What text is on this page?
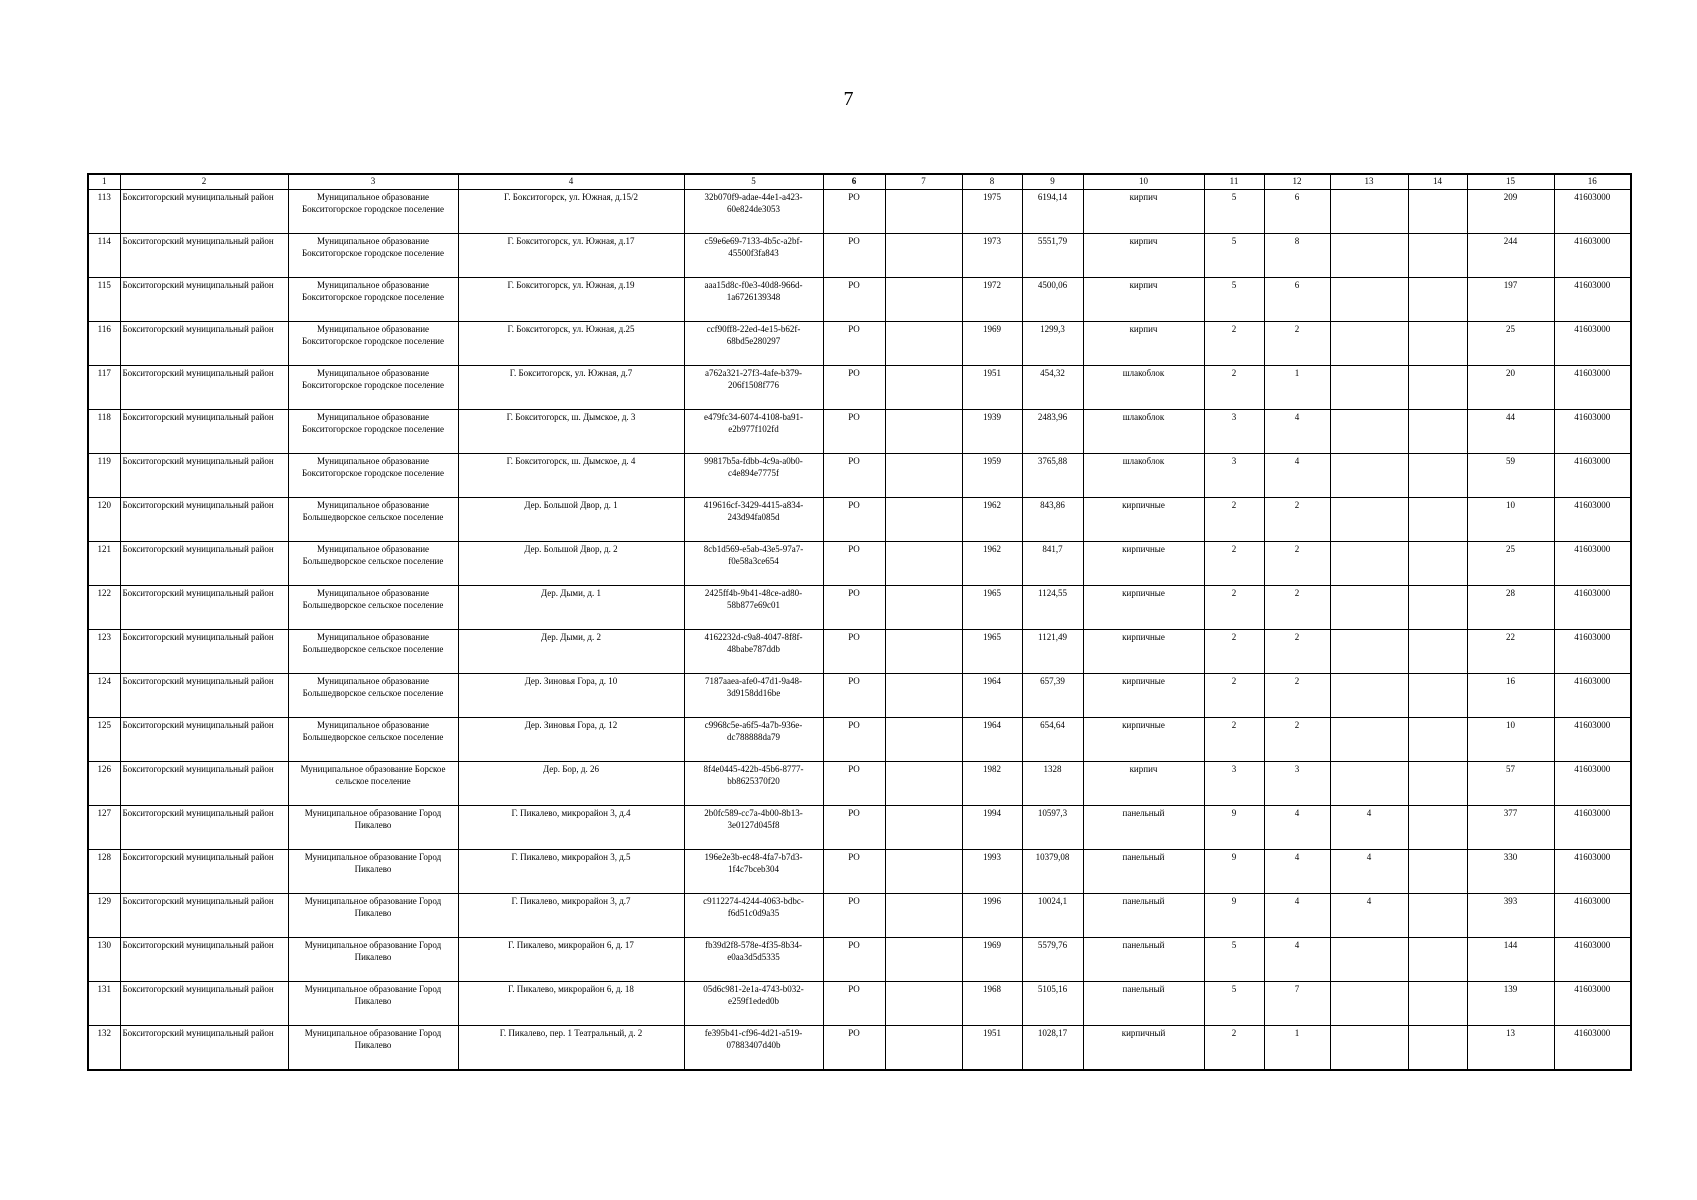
7
1	2	3	4	5	6	7	8	9	10	11	12	13	14	15	16
113	Бокситогорский муниципальный район	Муниципальное образование Бокситогорское городское поселение	Г. Бокситогорск, ул. Южная, д.15/2	32b070f9-adae-44e1-a423-60e824de3053	РО		1975	6194,14	кирпич	5	6			209	41603000
114	Бокситогорский муниципальный район	Муниципальное образование Бокситогорское городское поселение	Г. Бокситогорск, ул. Южная, д.17	c59e6e69-7133-4b5c-a2bf-45500f3fa843	РО		1973	5551,79	кирпич	5	8			244	41603000
115	Бокситогорский муниципальный район	Муниципальное образование Бокситогорское городское поселение	Г. Бокситогорск, ул. Южная, д.19	aaa15d8c-f0e3-40d8-966d-1a6726139348	РО		1972	4500,06	кирпич	5	6			197	41603000
116	Бокситогорский муниципальный район	Муниципальное образование Бокситогорское городское поселение	Г. Бокситогорск, ул. Южная, д.25	ccf90ff8-22ed-4e15-b62f-68bd5e280297	РО		1969	1299,3	кирпич	2	2			25	41603000
117	Бокситогорский муниципальный район	Муниципальное образование Бокситогорское городское поселение	Г. Бокситогорск, ул. Южная, д.7	a762a321-27f3-4afe-b379-206f1508f776	РО		1951	454,32	шлакоблок	2	1			20	41603000
118	Бокситогорский муниципальный район	Муниципальное образование Бокситогорское городское поселение	Г. Бокситогорск, ш. Дымское, д. 3	e479fc34-6074-4108-ba91-e2b977f102fd	РО		1939	2483,96	шлакоблок	3	4			44	41603000
119	Бокситогорский муниципальный район	Муниципальное образование Бокситогорское городское поселение	Г. Бокситогорск, ш. Дымское, д. 4	99817b5a-fdbb-4c9a-a0b0-c4e894e7775f	РО		1959	3765,88	шлакоблок	3	4			59	41603000
120	Бокситогорский муниципальный район	Муниципальное образование Большедворское сельское поселение	Дер. Большой Двор, д. 1	419616cf-3429-4415-a834-243d94fa085d	РО		1962	843,86	кирпичные	2	2			10	41603000
121	Бокситогорский муниципальный район	Муниципальное образование Большедворское сельское поселение	Дер. Большой Двор, д. 2	8cb1d569-e5ab-43e5-97a7-f0e58a3ce654	РО		1962	841,7	кирпичные	2	2			25	41603000
122	Бокситогорский муниципальный район	Муниципальное образование Большедворское сельское поселение	Дер. Дыми, д. 1	2425ff4b-9b41-48ce-ad80-58b877e69c01	РО		1965	1124,55	кирпичные	2	2			28	41603000
123	Бокситогорский муниципальный район	Муниципальное образование Большедворское сельское поселение	Дер. Дыми, д. 2	4162232d-c9a8-4047-8f8f-48babe787ddb	РО		1965	1121,49	кирпичные	2	2			22	41603000
124	Бокситогорский муниципальный район	Муниципальное образование Большедворское сельское поселение	Дер. Зиновья Гора, д. 10	7187aaea-afe0-47d1-9a48-3d9158dd16be	РО		1964	657,39	кирпичные	2	2			16	41603000
125	Бокситогорский муниципальный район	Муниципальное образование Большедворское сельское поселение	Дер. Зиновья Гора, д. 12	c9968c5e-a6f5-4a7b-936e-dc788888da79	РО		1964	654,64	кирпичные	2	2			10	41603000
126	Бокситогорский муниципальный район	Муниципальное образование Борское сельское поселение	Дер. Бор, д. 26	8f4e0445-422b-45b6-8777-bb8625370f20	РО		1982	1328	кирпич	3	3			57	41603000
127	Бокситогорский муниципальный район	Муниципальное образование Город Пикалево	Г. Пикалево, микрорайон 3, д.4	2b0fc589-cc7a-4b00-8b13-3e0127d045f8	РО		1994	10597,3	панельный	9	4	4		377	41603000
128	Бокситогорский муниципальный район	Муниципальное образование Город Пикалево	Г. Пикалево, микрорайон 3, д.5	196e2e3b-ec48-4fa7-b7d3-1f4c7bceb304	РО		1993	10379,08	панельный	9	4	4		330	41603000
129	Бокситогорский муниципальный район	Муниципальное образование Город Пикалево	Г. Пикалево, микрорайон 3, д.7	c9112274-4244-4063-bdbc-f6d51c0d9a35	РО		1996	10024,1	панельный	9	4	4		393	41603000
130	Бокситогорский муниципальный район	Муниципальное образование Город Пикалево	Г. Пикалево, микрорайон 6, д. 17	fb39d2f8-578e-4f35-8b34-e0aa3d5d5335	РО		1969	5579,76	панельный	5	4			144	41603000
131	Бокситогорский муниципальный район	Муниципальное образование Город Пикалево	Г. Пикалево, микрорайон 6, д. 18	05d6c981-2e1a-4743-b032-e259f1eded0b	РО		1968	5105,16	панельный	5	7			139	41603000
132	Бокситогорский муниципальный район	Муниципальное образование Город Пикалево	Г. Пикалево, пер. 1 Театральный, д. 2	fe395b41-cf96-4d21-a519-07883407d40b	РО		1951	1028,17	кирпичный	2	1			13	41603000
